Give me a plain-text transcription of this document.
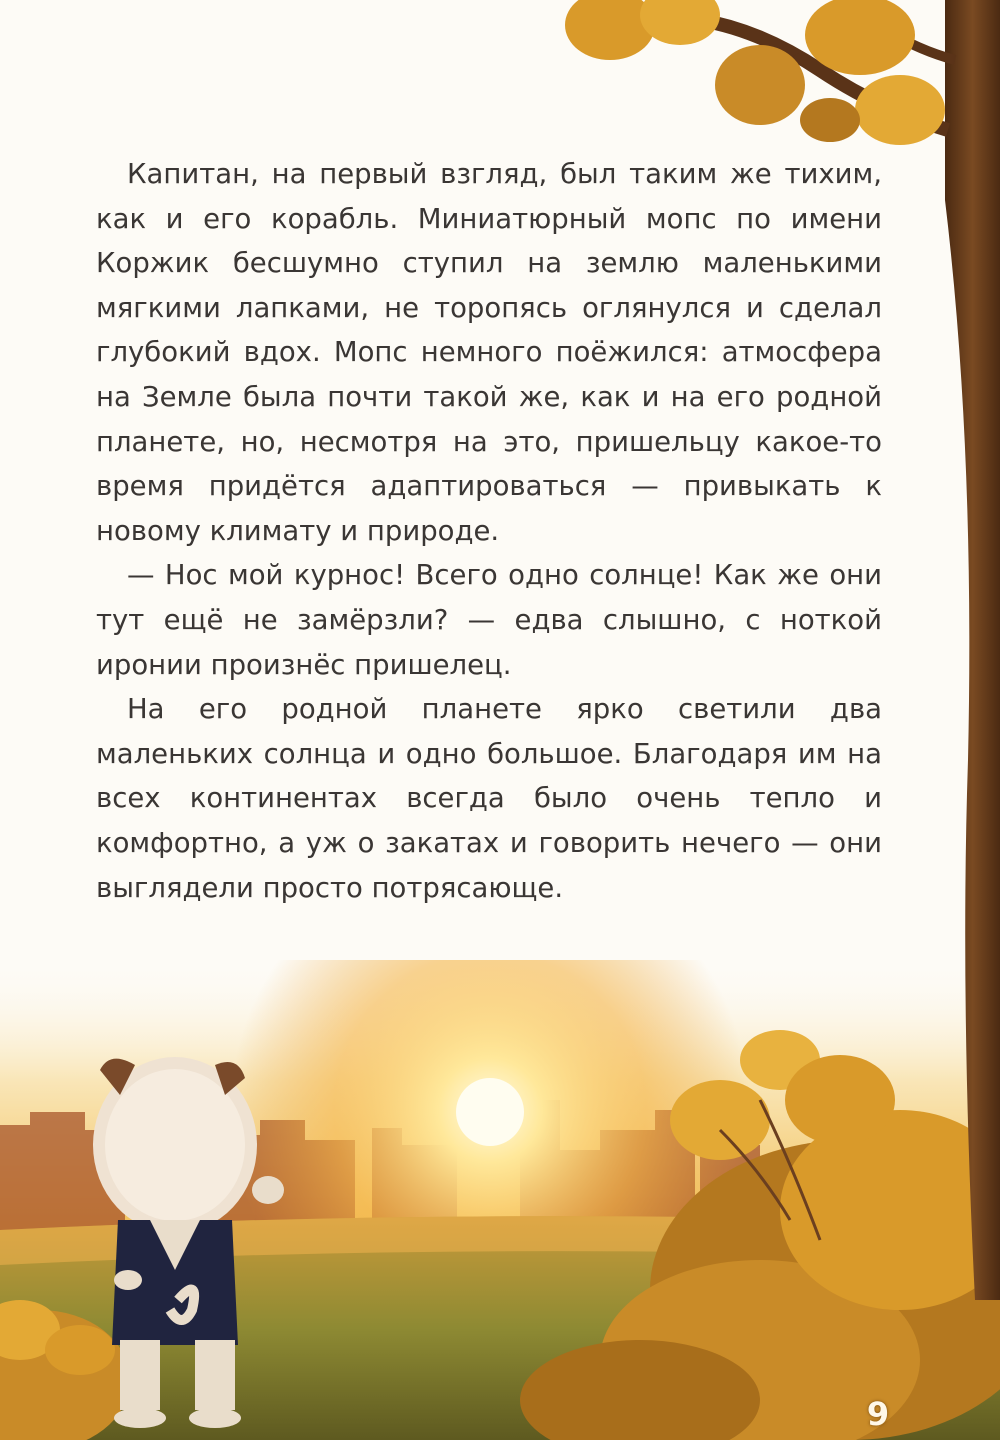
Капитан, на первый взгляд, был таким же тихим, как и его корабль. Миниатюрный мопс по имени Коржик бесшумно ступил на землю маленькими мягкими лапками, не торопясь оглянулся и сделал глубокий вдох. Мопс немного поёжился: атмосфера на Земле была почти такой же, как и на его родной планете, но, несмотря на это, пришельцу какое-то время придётся адаптироваться — привыкать к новому климату и природе.

— Нос мой курнос! Всего одно солнце! Как же они тут ещё не замёрзли? — едва слышно, с ноткой иронии произнёс пришелец.

На его родной планете ярко светили два маленьких солнца и одно большое. Благодаря им на всех континентах всегда было очень тепло и комфортно, а уж о закатах и говорить нечего — они выглядели просто потрясающе.

9
